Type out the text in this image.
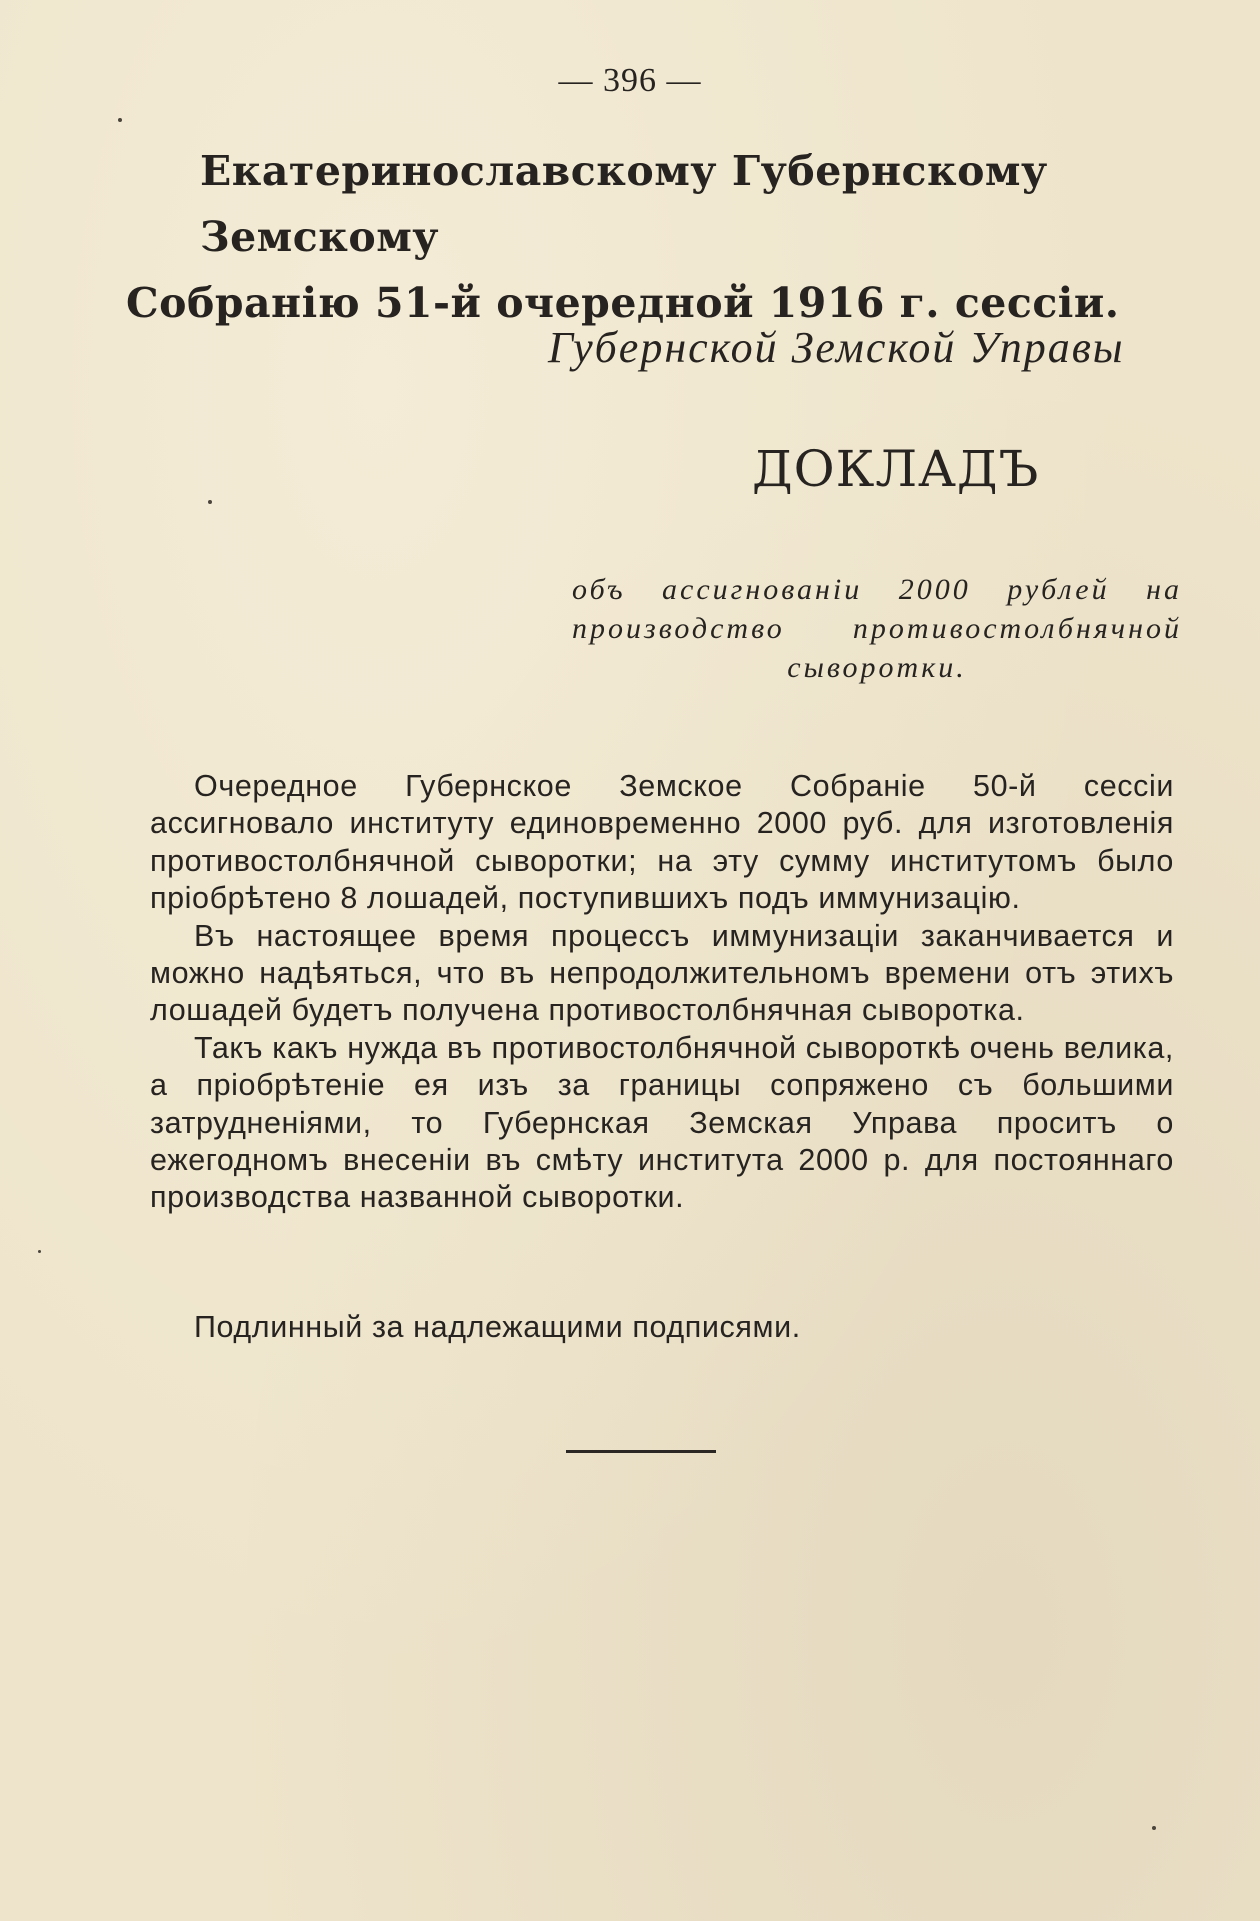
— 396 —
Екатеринославскому Губернскому Земскому
Собранію 51-й очередной 1916 г. сессіи.
Губернской Земской Управы
ДОКЛАДЪ
объ ассигнованіи 2000 рублей на производство противостолбнячной сыворотки.

Очередное Губернское Земское Собраніе 50-й сессіи ассигновало институту единовременно 2000 руб. для изготовленія противостолбнячной сыворотки; на эту сумму институтомъ было пріобрѣтено 8 лошадей, поступившихъ подъ иммунизацію.

Въ настоящее время процессъ иммунизаціи заканчивается и можно надѣяться, что въ непродолжительномъ времени отъ этихъ лошадей будетъ получена противостолбнячная сыворотка.

Такъ какъ нужда въ противостолбнячной сывороткѣ очень велика, а пріобрѣтеніе ея изъ за границы сопряжено съ большими затрудненіями, то Губернская Земская Управа проситъ о ежегодномъ внесеніи въ смѣту института 2000 р. для постояннаго производства названной сыворотки.

Подлинный за надлежащими подписями.
